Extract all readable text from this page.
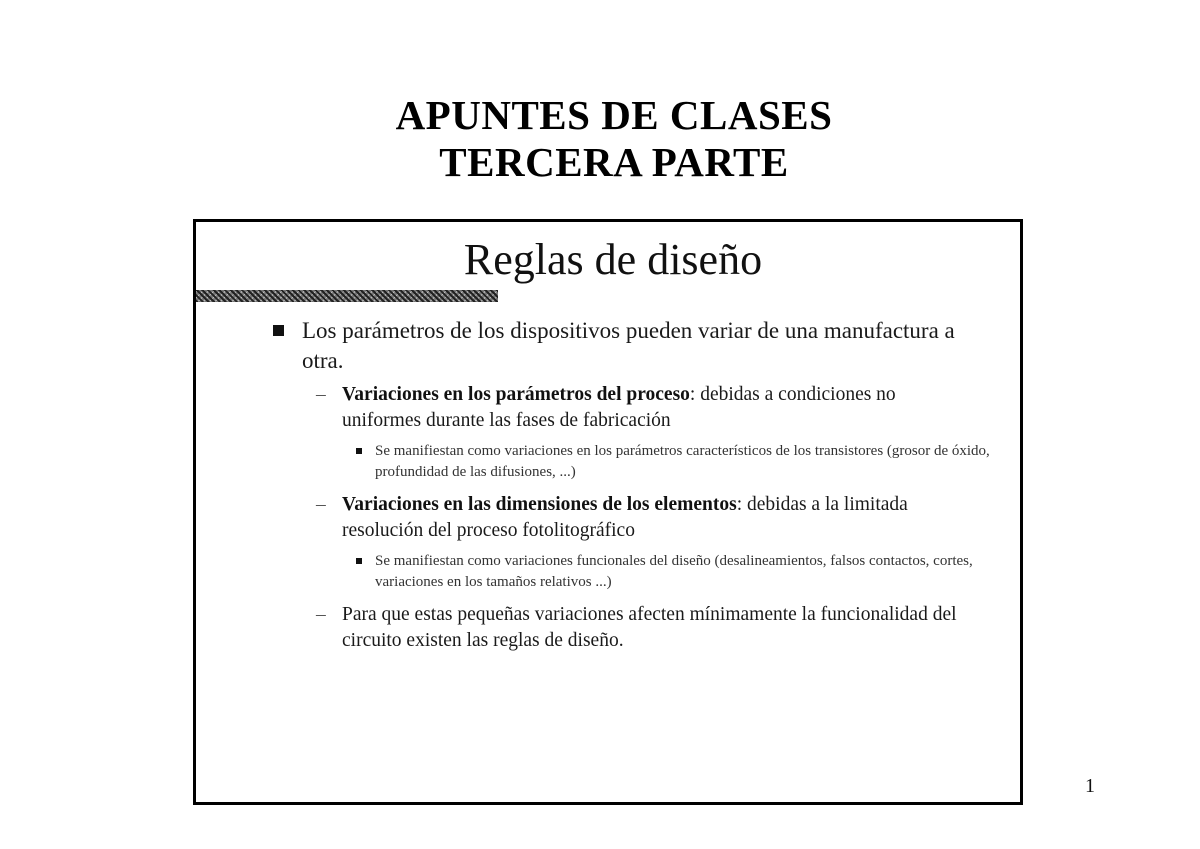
APUNTES DE CLASES
TERCERA PARTE
Reglas de diseño
Los parámetros de los dispositivos pueden variar de una manufactura a otra.
– Variaciones en los parámetros del proceso: debidas a condiciones no uniformes durante las fases de fabricación
Se manifiestan como variaciones en los parámetros característicos de los transistores (grosor de óxido, profundidad de las difusiones, ...)
– Variaciones en las dimensiones de los elementos: debidas a la limitada resolución del proceso fotolitográfico
Se manifiestan como variaciones funcionales del diseño (desalineamientos, falsos contactos, cortes, variaciones en los tamaños relativos ...)
– Para que estas pequeñas variaciones afecten mínimamente la funcionalidad del circuito existen las reglas de diseño.
1
